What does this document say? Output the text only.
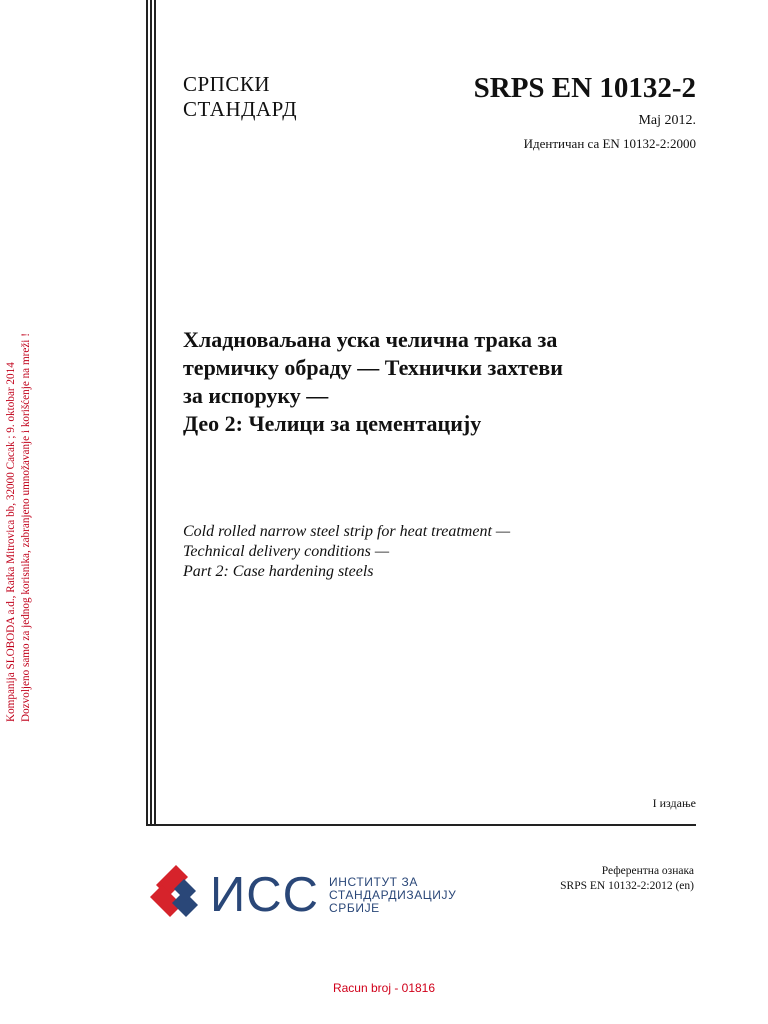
Kompanija SLOBODA a.d., Ratka Mitrovica bb, 32000 Cacak ; 9. oktobar 2014 Dozvoljeno samo za jednog korisnika, zabranjeno umnožavanje i korišćenje na mreži !
СРПСКИ
СТАНДАРД
SRPS EN 10132-2
Мај 2012.
Идентичан са EN 10132-2:2000
Хладноваљана уска челична трака за
термичку обраду — Технички захтеви
за испоруку —
Део 2: Челици за цементацију
Cold rolled narrow steel strip for heat treatment —
Technical delivery conditions —
Part 2: Case hardening steels
I издање
ИСС ИНСТИТУТ ЗА
СТАНДАРДИЗАЦИЈУ
СРБИЈЕ
Референтна ознака
SRPS EN 10132-2:2012 (en)
Racun broj - 01816
